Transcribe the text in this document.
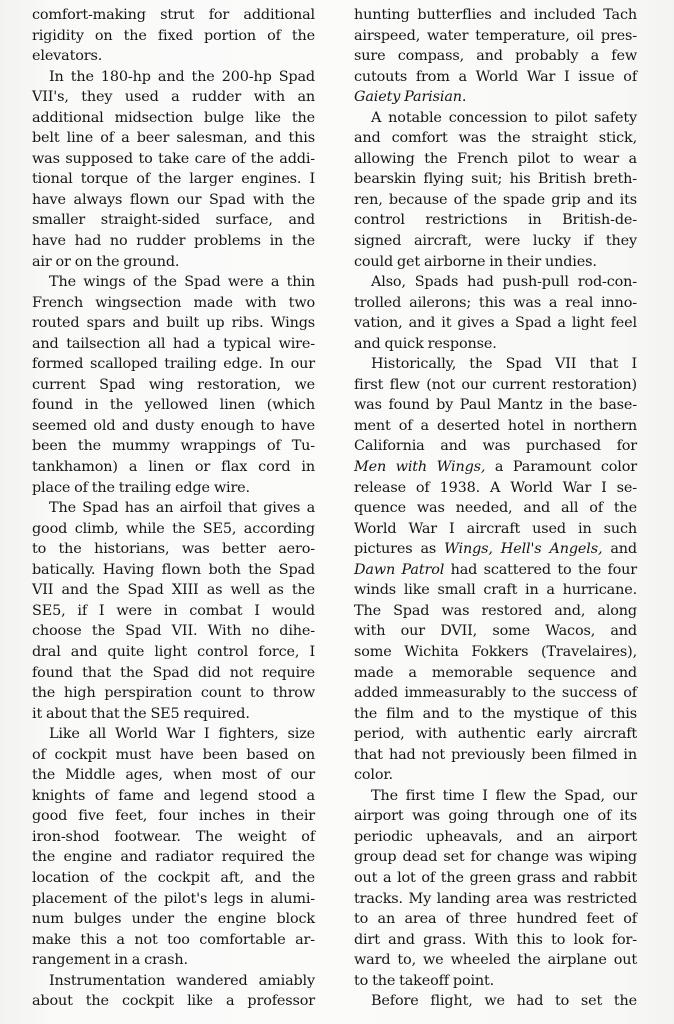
comfort-making strut for additional
rigidity on the fixed portion of the
elevators.
In the 180-hp and the 200-hp Spad
VII's, they used a rudder with an
additional midsection bulge like the
belt line of a beer salesman, and this
was supposed to take care of the addi-
tional torque of the larger engines. I
have always flown our Spad with the
smaller straight-sided surface, and
have had no rudder problems in the
air or on the ground.
The wings of the Spad were a thin
French wingsection made with two
routed spars and built up ribs. Wings
and tailsection all had a typical wire-
formed scalloped trailing edge. In our
current Spad wing restoration, we
found in the yellowed linen (which
seemed old and dusty enough to have
been the mummy wrappings of Tu-
tankhamon) a linen or flax cord in
place of the trailing edge wire.
The Spad has an airfoil that gives a
good climb, while the SE5, according
to the historians, was better aero-
batically. Having flown both the Spad
VII and the Spad XIII as well as the
SE5, if I were in combat I would
choose the Spad VII. With no dihe-
dral and quite light control force, I
found that the Spad did not require
the high perspiration count to throw
it about that the SE5 required.
Like all World War I fighters, size
of cockpit must have been based on
the Middle ages, when most of our
knights of fame and legend stood a
good five feet, four inches in their
iron-shod footwear. The weight of
the engine and radiator required the
location of the cockpit aft, and the
placement of the pilot's legs in alumi-
num bulges under the engine block
make this a not too comfortable ar-
rangement in a crash.
Instrumentation wandered amiably
about the cockpit like a professor
hunting butterflies and included Tach
airspeed, water temperature, oil pres-
sure compass, and probably a few
cutouts from a World War I issue of
Gaiety Parisian.
A notable concession to pilot safety
and comfort was the straight stick,
allowing the French pilot to wear a
bearskin flying suit; his British breth-
ren, because of the spade grip and its
control restrictions in British-de-
signed aircraft, were lucky if they
could get airborne in their undies.
Also, Spads had push-pull rod-con-
trolled ailerons; this was a real inno-
vation, and it gives a Spad a light feel
and quick response.
Historically, the Spad VII that I
first flew (not our current restoration)
was found by Paul Mantz in the base-
ment of a deserted hotel in northern
California and was purchased for
Men with Wings, a Paramount color
release of 1938. A World War I se-
quence was needed, and all of the
World War I aircraft used in such
pictures as Wings, Hell's Angels, and
Dawn Patrol had scattered to the four
winds like small craft in a hurricane.
The Spad was restored and, along
with our DVII, some Wacos, and
some Wichita Fokkers (Travelaires),
made a memorable sequence and
added immeasurably to the success of
the film and to the mystique of this
period, with authentic early aircraft
that had not previously been filmed in
color.
The first time I flew the Spad, our
airport was going through one of its
periodic upheavals, and an airport
group dead set for change was wiping
out a lot of the green grass and rabbit
tracks. My landing area was restricted
to an area of three hundred feet of
dirt and grass. With this to look for-
ward to, we wheeled the airplane out
to the takeoff point.
Before flight, we had to set the
